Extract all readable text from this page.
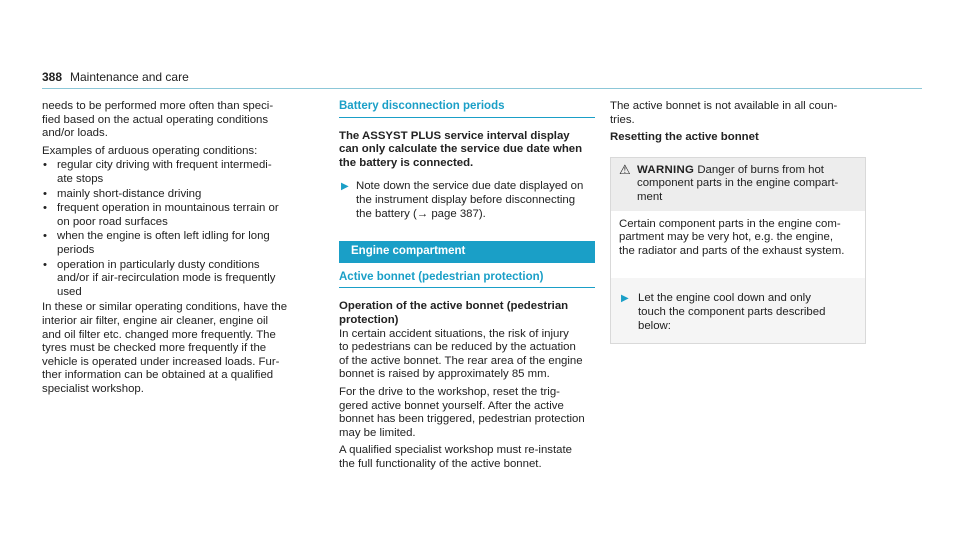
388 Maintenance and care

needs to be performed more often than speci-
fied based on the actual operating conditions
and/or loads.

Examples of arduous operating conditions:

• regular city driving with frequent intermedi-
ate stops
• mainly short-distance driving
• frequent operation in mountainous terrain or
on poor road surfaces
• when the engine is often left idling for long
periods
• operation in particularly dusty conditions
and/or if air-recirculation mode is frequently
used

In these or similar operating conditions, have the
interior air filter, engine air cleaner, engine oil
and oil filter etc. changed more frequently. The
tyres must be checked more frequently if the
vehicle is operated under increased loads. Fur-
ther information can be obtained at a qualified
specialist workshop.

Battery disconnection periods
The ASSYST PLUS service interval display
can only calculate the service due date when
the battery is connected.
▶ Note down the service due date displayed on
the instrument display before disconnecting
the battery (→ page 387).
Engine compartment
Active bonnet (pedestrian protection)
Operation of the active bonnet (pedestrian
protection)

In certain accident situations, the risk of injury
to pedestrians can be reduced by the actuation
of the active bonnet. The rear area of the engine
bonnet is raised by approximately 85 mm.

For the drive to the workshop, reset the trig-
gered active bonnet yourself. After the active
bonnet has been triggered, pedestrian protection
may be limited.

A qualified specialist workshop must re-instate
the full functionality of the active bonnet.

The active bonnet is not available in all coun-
tries.

Resetting the active bonnet
⚠ WARNING Danger of burns from hot
component parts in the engine compart-
ment
Certain component parts in the engine com-
partment may be very hot, e.g. the engine,
the radiator and parts of the exhaust system.
▶ Let the engine cool down and only
touch the component parts described
below:
